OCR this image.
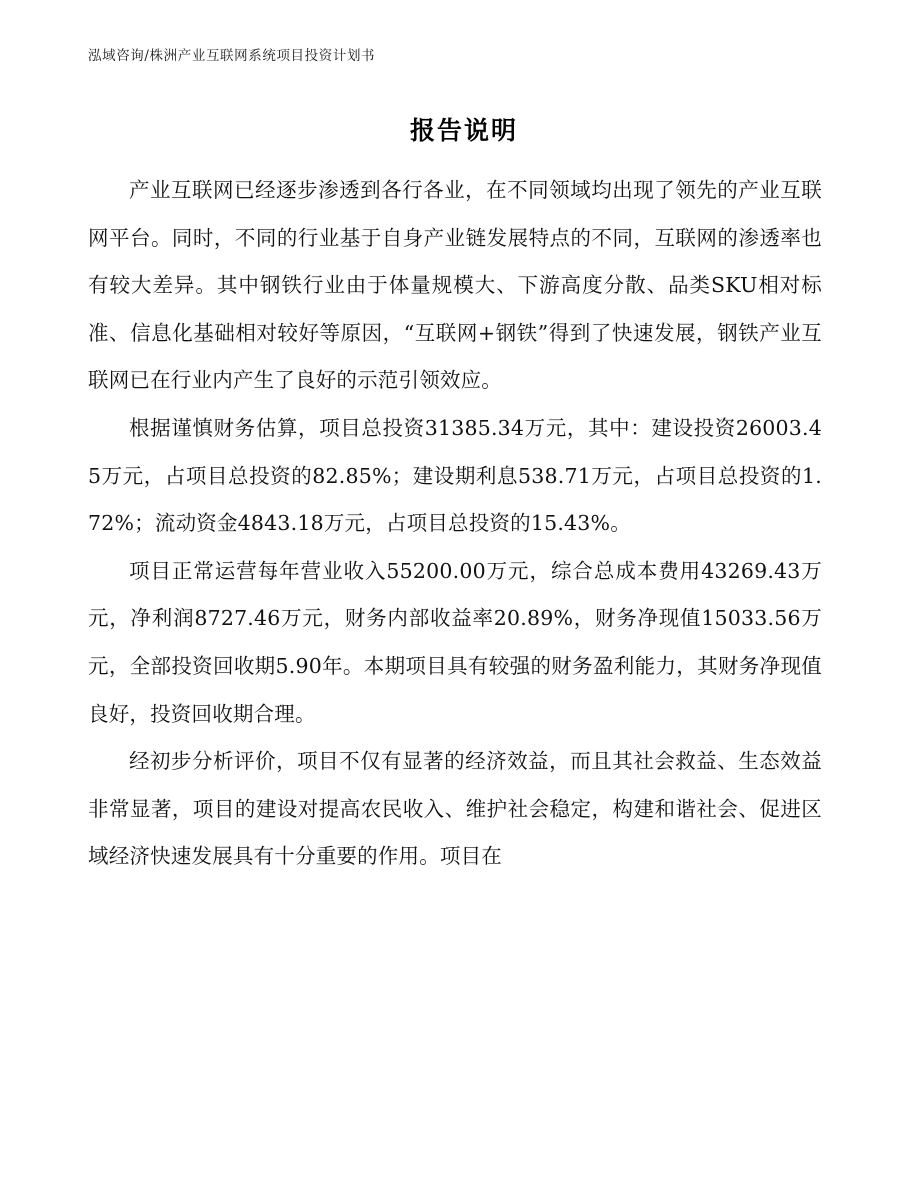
泓域咨询/株洲产业互联网系统项目投资计划书
报告说明

产业互联网已经逐步渗透到各行各业，在不同领域均出现了领先的产业互联网平台。同时，不同的行业基于自身产业链发展特点的不同，互联网的渗透率也有较大差异。其中钢铁行业由于体量规模大、下游高度分散、品类SKU相对标准、信息化基础相对较好等原因，“互联网+钢铁”得到了快速发展，钢铁产业互联网已在行业内产生了良好的示范引领效应。

根据谨慎财务估算，项目总投资31385.34万元，其中：建设投资26003.45万元，占项目总投资的82.85%；建设期利息538.71万元，占项目总投资的1.72%；流动资金4843.18万元，占项目总投资的15.43%。

项目正常运营每年营业收入55200.00万元，综合总成本费用43269.43万元，净利润8727.46万元，财务内部收益率20.89%，财务净现值15033.56万元，全部投资回收期5.90年。本期项目具有较强的财务盈利能力，其财务净现值良好，投资回收期合理。

经初步分析评价，项目不仅有显著的经济效益，而且其社会救益、生态效益非常显著，项目的建设对提高农民收入、维护社会稳定，构建和谐社会、促进区域经济快速发展具有十分重要的作用。项目在
